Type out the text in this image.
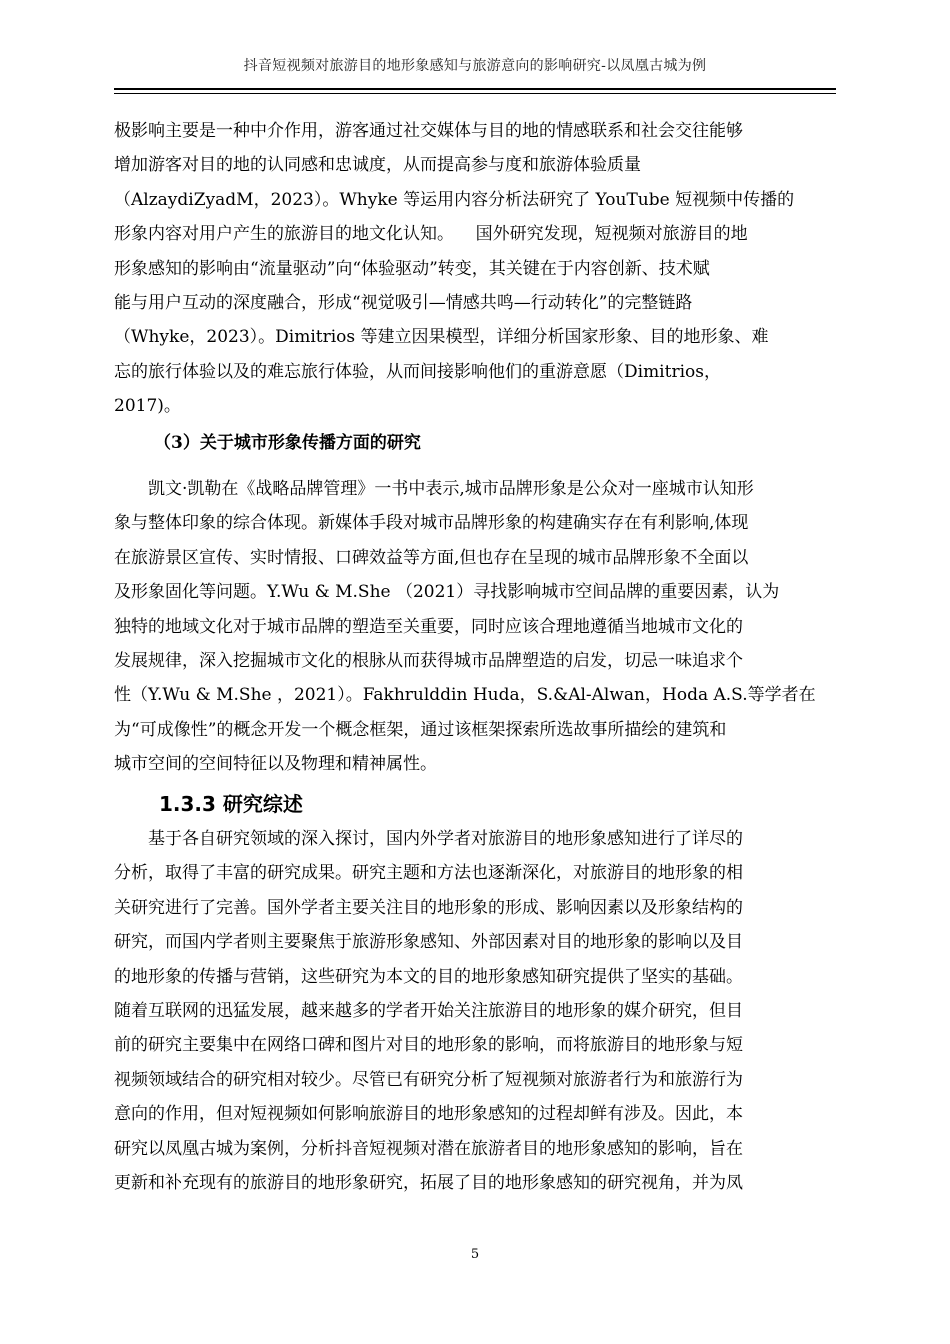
抖音短视频对旅游目的地形象感知与旅游意向的影响研究-以凤凰古城为例
极影响主要是一种中介作用，游客通过社交媒体与目的地的情感联系和社会交往能够
增加游客对目的地的认同感和忠诚度，从而提高参与度和旅游体验质量
（AlzaydiZyadM，2023）。Whyke 等运用内容分析法研究了 YouTube 短视频中传播的
形象内容对用户产生的旅游目的地文化认知。    国外研究发现，短视频对旅游目的地
形象感知的影响由“流量驱动”向“体验驱动”转变，其关键在于内容创新、技术赋
能与用户互动的深度融合，形成“视觉吸引—情感共鸣—行动转化”的完整链路
（Whyke，2023）。Dimitrios 等建立因果模型，详细分析国家形象、目的地形象、难
忘的旅行体验以及的难忘旅行体验，从而间接影响他们的重游意愿（Dimitrios，
2017)。
（3）关于城市形象传播方面的研究
凯文·凯勒在《战略品牌管理》一书中表示,城市品牌形象是公众对一座城市认知形
象与整体印象的综合体现。新媒体手段对城市品牌形象的构建确实存在有利影响,体现
在旅游景区宣传、实时情报、口碑效益等方面,但也存在呈现的城市品牌形象不全面以
及形象固化等问题。Y.Wu & M.She （2021）寻找影响城市空间品牌的重要因素，认为
独特的地域文化对于城市品牌的塑造至关重要，同时应该合理地遵循当地城市文化的
发展规律，深入挖掘城市文化的根脉从而获得城市品牌塑造的启发，切忌一味追求个
性（Y.Wu & M.She ，2021）。Fakhrulddin Huda，S.&Al-Alwan，Hoda A.S.等学者在
为“可成像性”的概念开发一个概念框架，通过该框架探索所选故事所描绘的建筑和
城市空间的空间特征以及物理和精神属性。
1.3.3 研究综述
基于各自研究领域的深入探讨，国内外学者对旅游目的地形象感知进行了详尽的
分析，取得了丰富的研究成果。研究主题和方法也逐渐深化，对旅游目的地形象的相
关研究进行了完善。国外学者主要关注目的地形象的形成、影响因素以及形象结构的
研究，而国内学者则主要聚焦于旅游形象感知、外部因素对目的地形象的影响以及目
的地形象的传播与营销，这些研究为本文的目的地形象感知研究提供了坚实的基础。
随着互联网的迅猛发展，越来越多的学者开始关注旅游目的地形象的媒介研究，但目
前的研究主要集中在网络口碑和图片对目的地形象的影响，而将旅游目的地形象与短
视频领域结合的研究相对较少。尽管已有研究分析了短视频对旅游者行为和旅游行为
意向的作用，但对短视频如何影响旅游目的地形象感知的过程却鲜有涉及。因此，本
研究以凤凰古城为案例，分析抖音短视频对潜在旅游者目的地形象感知的影响，旨在
更新和补充现有的旅游目的地形象研究，拓展了目的地形象感知的研究视角，并为凤
5
